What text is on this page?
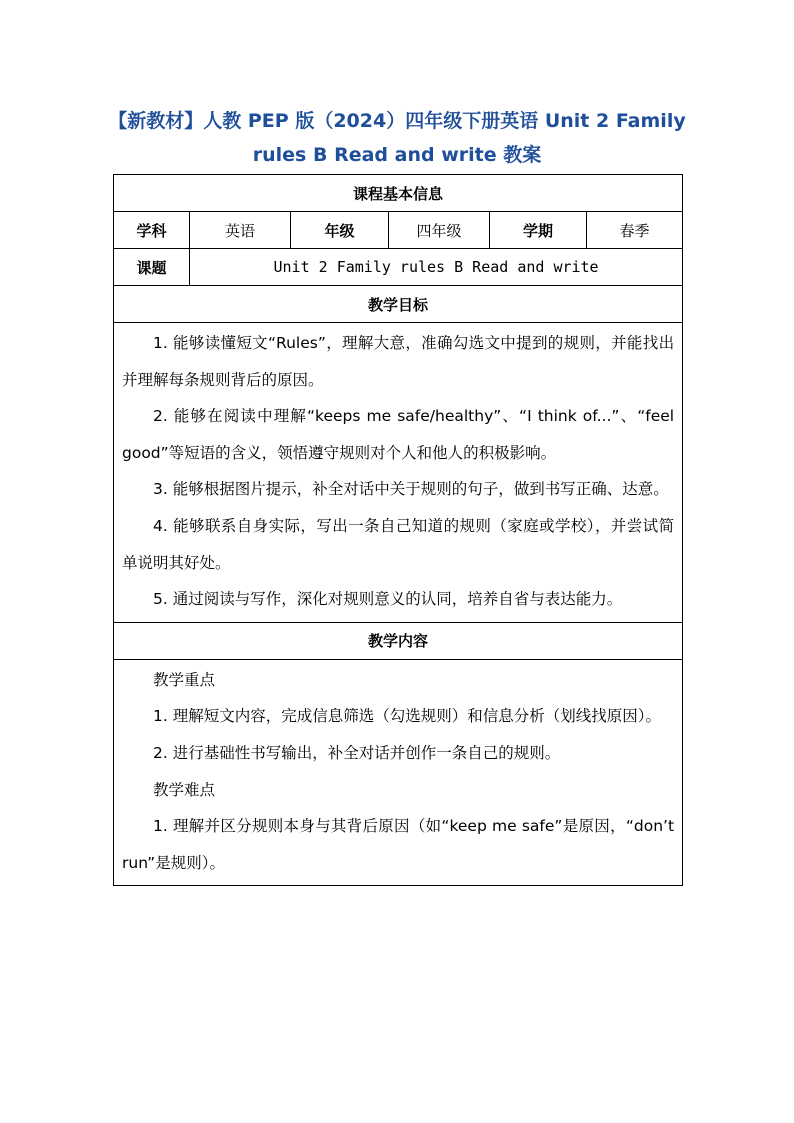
【新教材】人教 PEP 版（2024）四年级下册英语 Unit 2 Family
rules B Read and write 教案
课程基本信息					
学科	英语	年级	四年级	学期	春季
课题	Unit 2 Family rules B Read and write				
教学目标					

1. 能够读懂短文“Rules”，理解大意，准确勾选文中提到的规则，并能找出并理解每条规则背后的原因。

2. 能够在阅读中理解“keeps me safe/healthy”、“I think of...”、“feel good”等短语的含义，领悟遵守规则对个人和他人的积极影响。

3. 能够根据图片提示，补全对话中关于规则的句子，做到书写正确、达意。

4. 能够联系自身实际，写出一条自己知道的规则（家庭或学校），并尝试简单说明其好处。

5. 通过阅读与写作，深化对规则意义的认同，培养自省与表达能力。					

教学内容					

教学重点

1. 理解短文内容，完成信息筛选（勾选规则）和信息分析（划线找原因）。

2. 进行基础性书写输出，补全对话并创作一条自己的规则。

教学难点

1. 理解并区分规则本身与其背后原因（如“keep me safe”是原因，“don’t run”是规则）。					
